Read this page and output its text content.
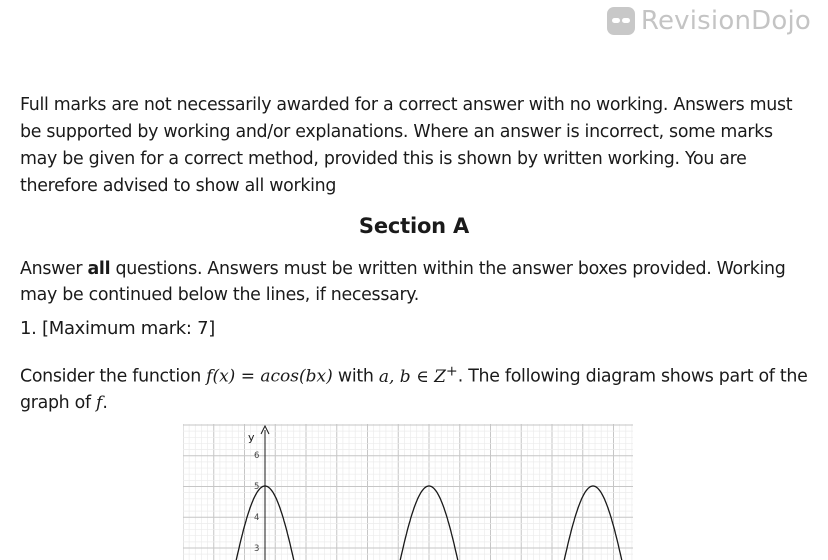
RevisionDojo

Full marks are not necessarily awarded for a correct answer with no working. Answers must be supported by working and/or explanations. Where an answer is incorrect, some marks may be given for a correct method, provided this is shown by written working. You are therefore advised to show all working

Section A

Answer all questions. Answers must be written within the answer boxes provided. Working may be continued below the lines, if necessary.

1. [Maximum mark: 7]

Consider the function f(x) = acos(bx) with a, b ∈ Z+. The following diagram shows part of the graph of f.

y
6
5
4
3
